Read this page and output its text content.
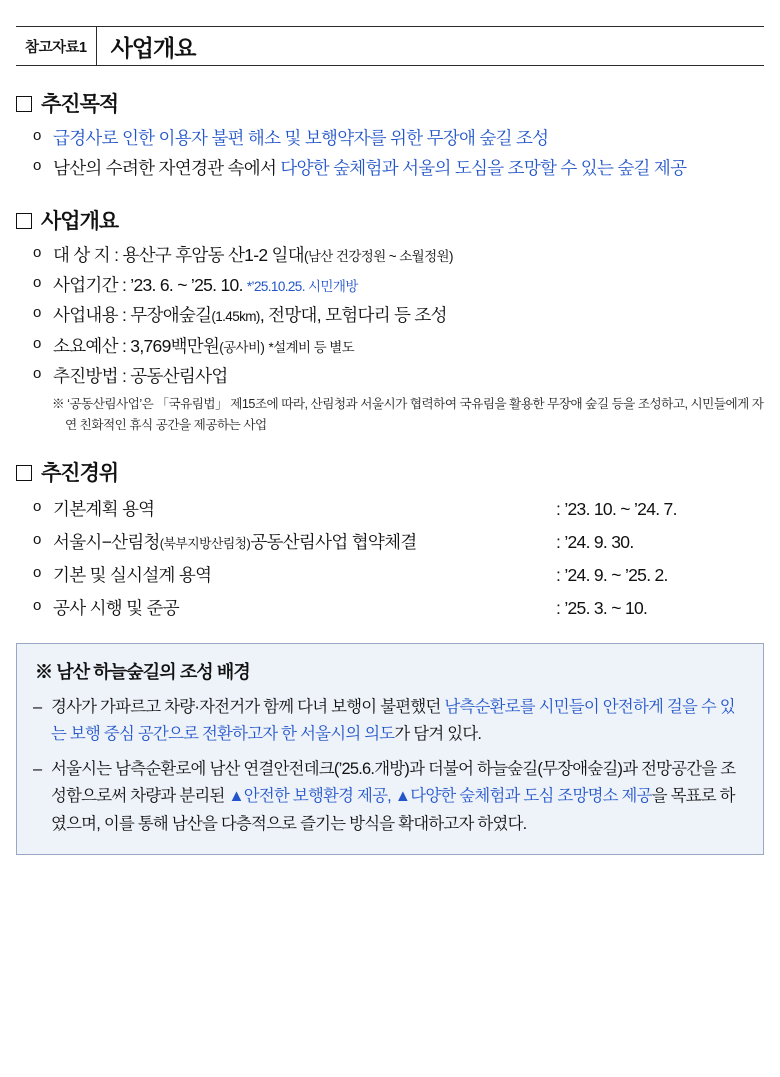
참고자료1	사업개요
추진목적
o 급경사로 인한 이용자 불편 해소 및 보행약자를 위한 무장애 숲길 조성
o 남산의 수려한 자연경관 속에서 다양한 숲체험과 서울의 도심을 조망할 수 있는 숲길 제공
사업개요
o 대 상 지 : 용산구 후암동 산1-2 일대(남산 건강정원 ~ 소월정원)
o 사업기간 : ’23. 6. ~ ’25. 10. *’25.10.25. 시민개방
o 사업내용 : 무장애숲길(1.45km), 전망대, 모험다리 등 조성
o 소요예산 : 3,769백만원(공사비) *설계비 등 별도
o 추진방법 : 공동산림사업
※ ‘공동산림사업’은 「국유림법」 제15조에 따라, 산림청과 서울시가 협력하여 국유림을 활용한 무장애 숲길 등을 조성하고, 시민들에게 자연 친화적인 휴식 공간을 제공하는 사업
추진경위
o 기본계획 용역	: ’23. 10. ~ ’24. 7.
o 서울시−산림청 (북부지방산림청) 공동산림사업 협약체결	: ’24. 9. 30.
o 기본 및 실시설계 용역	: ’24. 9. ~ ’25. 2.
o 공사 시행 및 준공	: ’25. 3. ~ 10.
※ 남산 하늘숲길의 조성 배경
– 경사가 가파르고 차량·자전거가 함께 다녀 보행이 불편했던 남측순환로를 시민들이 안전하게 걸을 수 있는 보행 중심 공간으로 전환하고자 한 서울시의 의도가 담겨 있다.
– 서울시는 남측순환로에 남산 연결안전데크(’25.6.개방)과 더불어 하늘숲길(무장애숲길)과 전망공간을 조성함으로써 차량과 분리된 ▲안전한 보행환경 제공, ▲다양한 숲체험과 도심 조망명소 제공을 목표로 하였으며, 이를 통해 남산을 다층적으로 즐기는 방식을 확대하고자 하였다.
